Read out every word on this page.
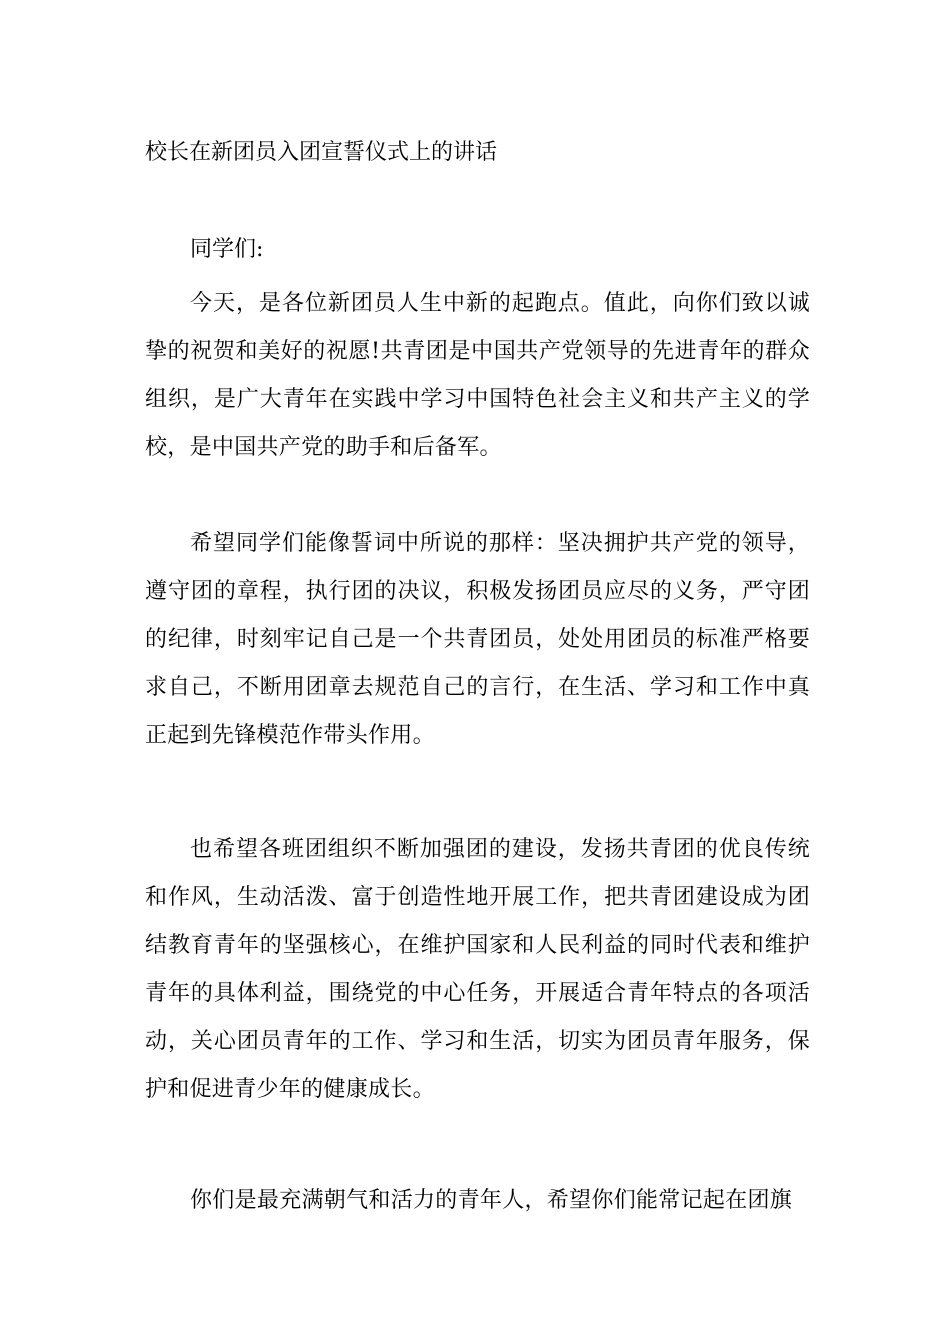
校长在新团员入团宣誓仪式上的讲话
同学们:

今天，是各位新团员人生中新的起跑点。值此，向你们致以诚挚的祝贺和美好的祝愿!共青团是中国共产党领导的先进青年的群众组织，是广大青年在实践中学习中国特色社会主义和共产主义的学校，是中国共产党的助手和后备军。

希望同学们能像誓词中所说的那样：坚决拥护共产党的领导，遵守团的章程，执行团的决议，积极发扬团员应尽的义务，严守团的纪律，时刻牢记自己是一个共青团员，处处用团员的标准严格要求自己，不断用团章去规范自己的言行，在生活、学习和工作中真正起到先锋模范作带头作用。

也希望各班团组织不断加强团的建设，发扬共青团的优良传统和作风，生动活泼、富于创造性地开展工作，把共青团建设成为团结教育青年的坚强核心，在维护国家和人民利益的同时代表和维护青年的具体利益，围绕党的中心任务，开展适合青年特点的各项活动，关心团员青年的工作、学习和生活，切实为团员青年服务，保护和促进青少年的健康成长。

你们是最充满朝气和活力的青年人，希望你们能常记起在团旗
